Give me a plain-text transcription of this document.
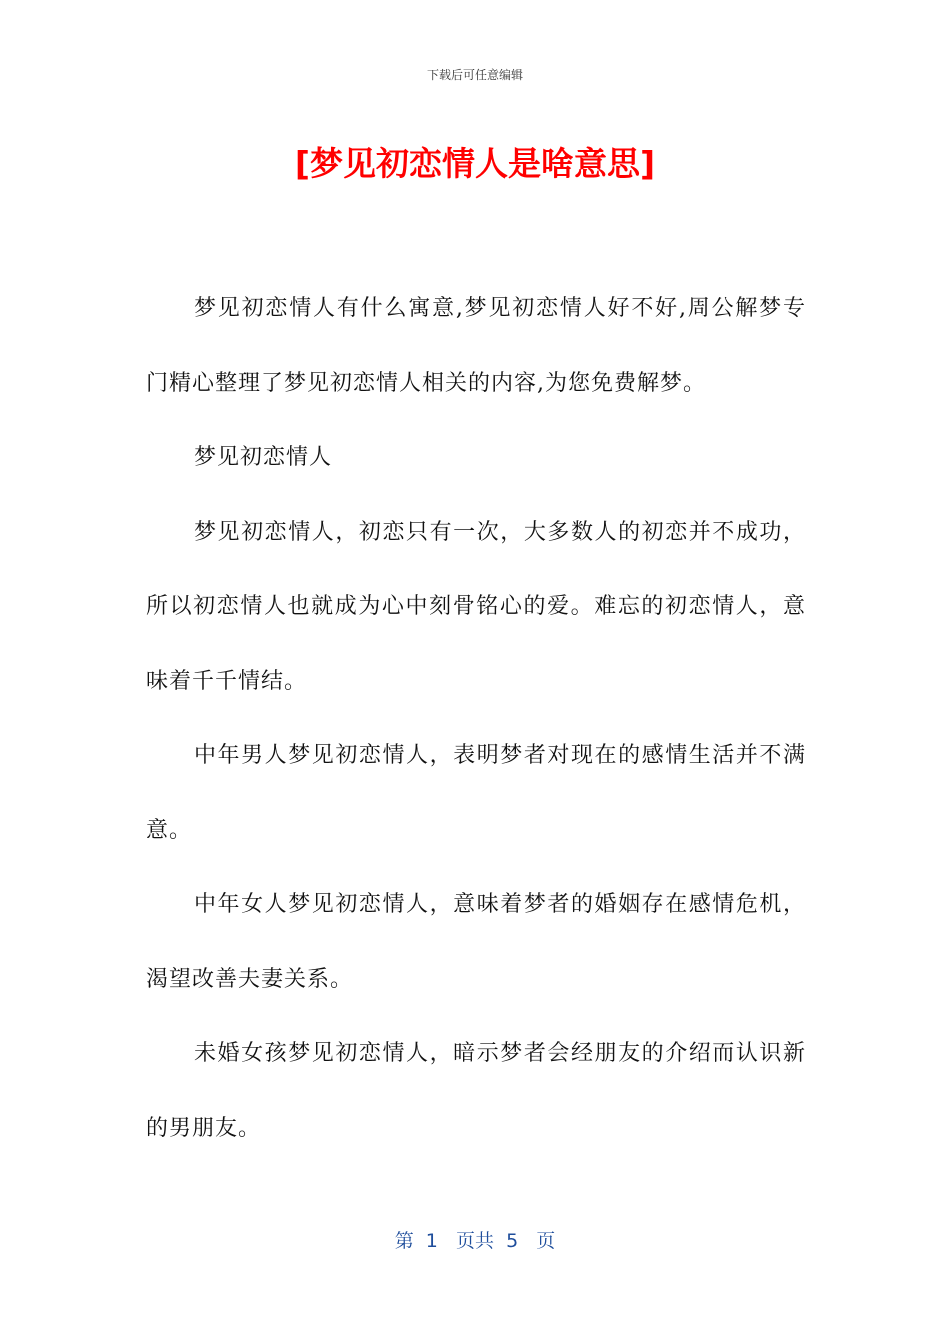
下载后可任意编辑
[梦见初恋情人是啥意思]

梦见初恋情人有什么寓意,梦见初恋情人好不好,周公解梦专门精心整理了梦见初恋情人相关的内容,为您免费解梦。

梦见初恋情人

梦见初恋情人，初恋只有一次，大多数人的初恋并不成功，所以初恋情人也就成为心中刻骨铭心的爱。难忘的初恋情人，意味着千千情结。

中年男人梦见初恋情人，表明梦者对现在的感情生活并不满意。

中年女人梦见初恋情人，意味着梦者的婚姻存在感情危机，渴望改善夫妻关系。

未婚女孩梦见初恋情人，暗示梦者会经朋友的介绍而认识新的男朋友。

第  1   页共  5   页
